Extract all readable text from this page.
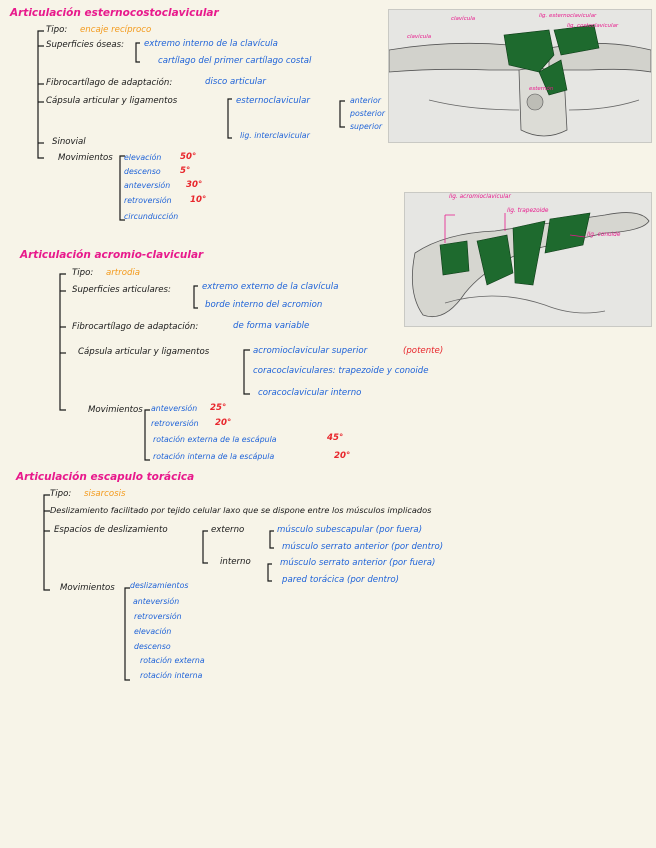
Articulación esternocostoclavicular
Tipo: encaje recíproco
Superficies óseas: extremo interno de la clavícula
cartílago del primer cartílago costal
Fibrocartílago de adaptación:	disco articular
Cápsula articular y ligamentos	esternoclavicular	anterior
posterior
superior
lig. interclavicular
Sinovial
Movimientos elevación 50°
descenso 5°
anteversión 30°
retroversión 10°
circunducción
clavícula
clavícula	lig. esternoclavicular
lig. costoclavicular
esternón
Articulación acromio-clavicular
Tipo: artrodia
Superficies articulares:	extremo externo de la clavícula
borde interno del acromion
Fibrocartílago de adaptación:	de forma variable
Cápsula articular y ligamentos	acromioclavicular superior	(potente)
coracoclaviculares: trapezoide y conoide
coracoclavicular interno
Movimientos anteversión 25°
retroversión 20°
rotación externa de la escápula	45°
rotación interna de la escápula	20°
lig. acromioclavicular
lig. trapezoide
lig. conoide
Articulación escapulo torácica
Tipo: sisarcosis
Deslizamiento facilitado por tejido celular laxo que se dispone entre los músculos implicados
Espacios de deslizamiento	externo	músculo subescapular (por fuera)
músculo serrato anterior (por dentro)
interno	músculo serrato anterior (por fuera)
pared torácica (por dentro)
Movimientos deslizamientos
anteversión
retroversión
elevación
descenso
rotación externa
rotación interna
